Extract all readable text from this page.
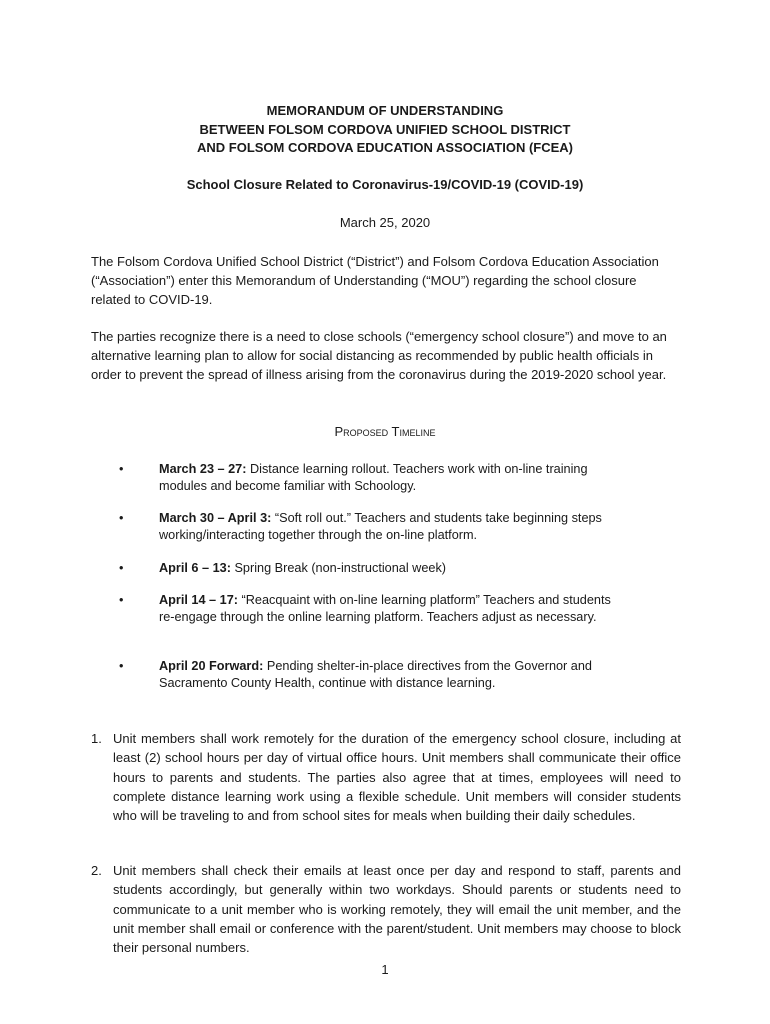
MEMORANDUM OF UNDERSTANDING
BETWEEN FOLSOM CORDOVA UNIFIED SCHOOL DISTRICT
AND FOLSOM CORDOVA EDUCATION ASSOCIATION (FCEA)
School Closure Related to Coronavirus-19/COVID-19 (COVID-19)
March 25, 2020
The Folsom Cordova Unified School District (“District”) and Folsom Cordova Education Association (“Association”) enter this Memorandum of Understanding (“MOU”) regarding the school closure related to COVID-19.
The parties recognize there is a need to close schools (“emergency school closure”) and move to an alternative learning plan to allow for social distancing as recommended by public health officials in order to prevent the spread of illness arising from the coronavirus during the 2019-2020 school year.
Proposed Timeline
•	March 23 – 27: Distance learning rollout. Teachers work with on-line training modules and become familiar with Schoology.
•	March 30 – April 3: “Soft roll out.” Teachers and students take beginning steps working/interacting together through the on-line platform.
•	April 6 – 13: Spring Break (non-instructional week)
•	April 14 – 17: “Reacquaint with on-line learning platform” Teachers and students re-engage through the online learning platform. Teachers adjust as necessary.
•	April 20 Forward: Pending shelter-in-place directives from the Governor and Sacramento County Health, continue with distance learning.
1. Unit members shall work remotely for the duration of the emergency school closure, including at least (2) school hours per day of virtual office hours. Unit members shall communicate their office hours to parents and students. The parties also agree that at times, employees will need to complete distance learning work using a flexible schedule. Unit members will consider students who will be traveling to and from school sites for meals when building their daily schedules.
2. Unit members shall check their emails at least once per day and respond to staff, parents and students accordingly, but generally within two workdays. Should parents or students need to communicate to a unit member who is working remotely, they will email the unit member, and the unit member shall email or conference with the parent/student. Unit members may choose to block their personal numbers.
1
